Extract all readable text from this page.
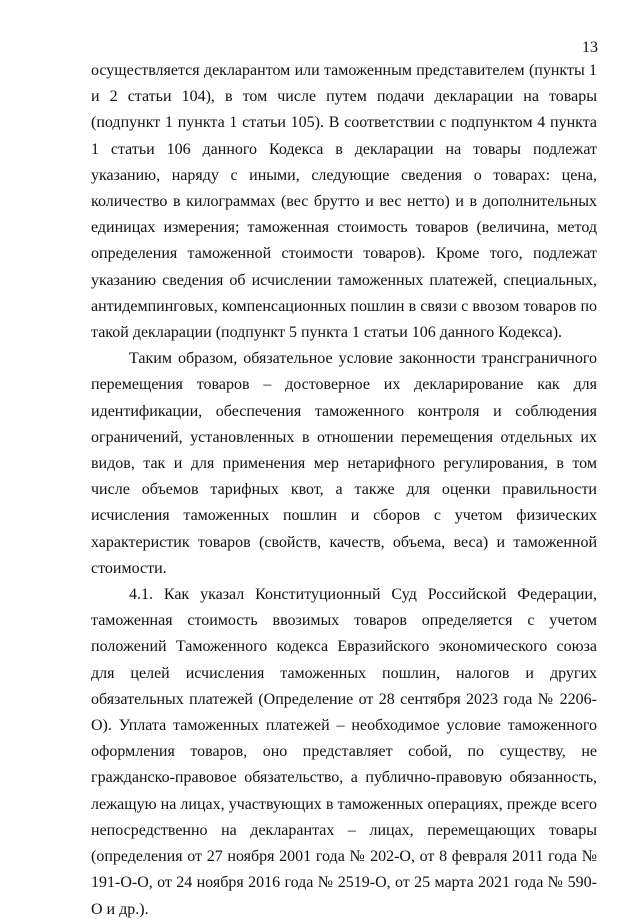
13

осуществляется декларантом или таможенным представителем (пункты 1 и 2 статьи 104), в том числе путем подачи декларации на товары (подпункт 1 пункта 1 статьи 105). В соответствии с подпунктом 4 пункта 1 статьи 106 данного Кодекса в декларации на товары подлежат указанию, наряду с иными, следующие сведения о товарах: цена, количество в килограммах (вес брутто и вес нетто) и в дополнительных единицах измерения; таможенная стоимость товаров (величина, метод определения таможенной стоимости товаров). Кроме того, подлежат указанию сведения об исчислении таможенных платежей, специальных, антидемпинговых, компенсационных пошлин в связи с ввозом товаров по такой декларации (подпункт 5 пункта 1 статьи 106 данного Кодекса).

Таким образом, обязательное условие законности трансграничного перемещения товаров – достоверное их декларирование как для идентификации, обеспечения таможенного контроля и соблюдения ограничений, установленных в отношении перемещения отдельных их видов, так и для применения мер нетарифного регулирования, в том числе объемов тарифных квот, а также для оценки правильности исчисления таможенных пошлин и сборов с учетом физических характеристик товаров (свойств, качеств, объема, веса) и таможенной стоимости.

4.1. Как указал Конституционный Суд Российской Федерации, таможенная стоимость ввозимых товаров определяется с учетом положений Таможенного кодекса Евразийского экономического союза для целей исчисления таможенных пошлин, налогов и других обязательных платежей (Определение от 28 сентября 2023 года № 2206-О). Уплата таможенных платежей – необходимое условие таможенного оформления товаров, оно представляет собой, по существу, не гражданско-правовое обязательство, а публично-правовую обязанность, лежащую на лицах, участвующих в таможенных операциях, прежде всего непосредственно на декларантах – лицах, перемещающих товары (определения от 27 ноября 2001 года № 202-О, от 8 февраля 2011 года № 191-О-О, от 24 ноября 2016 года № 2519-О, от 25 марта 2021 года № 590-О и др.).
